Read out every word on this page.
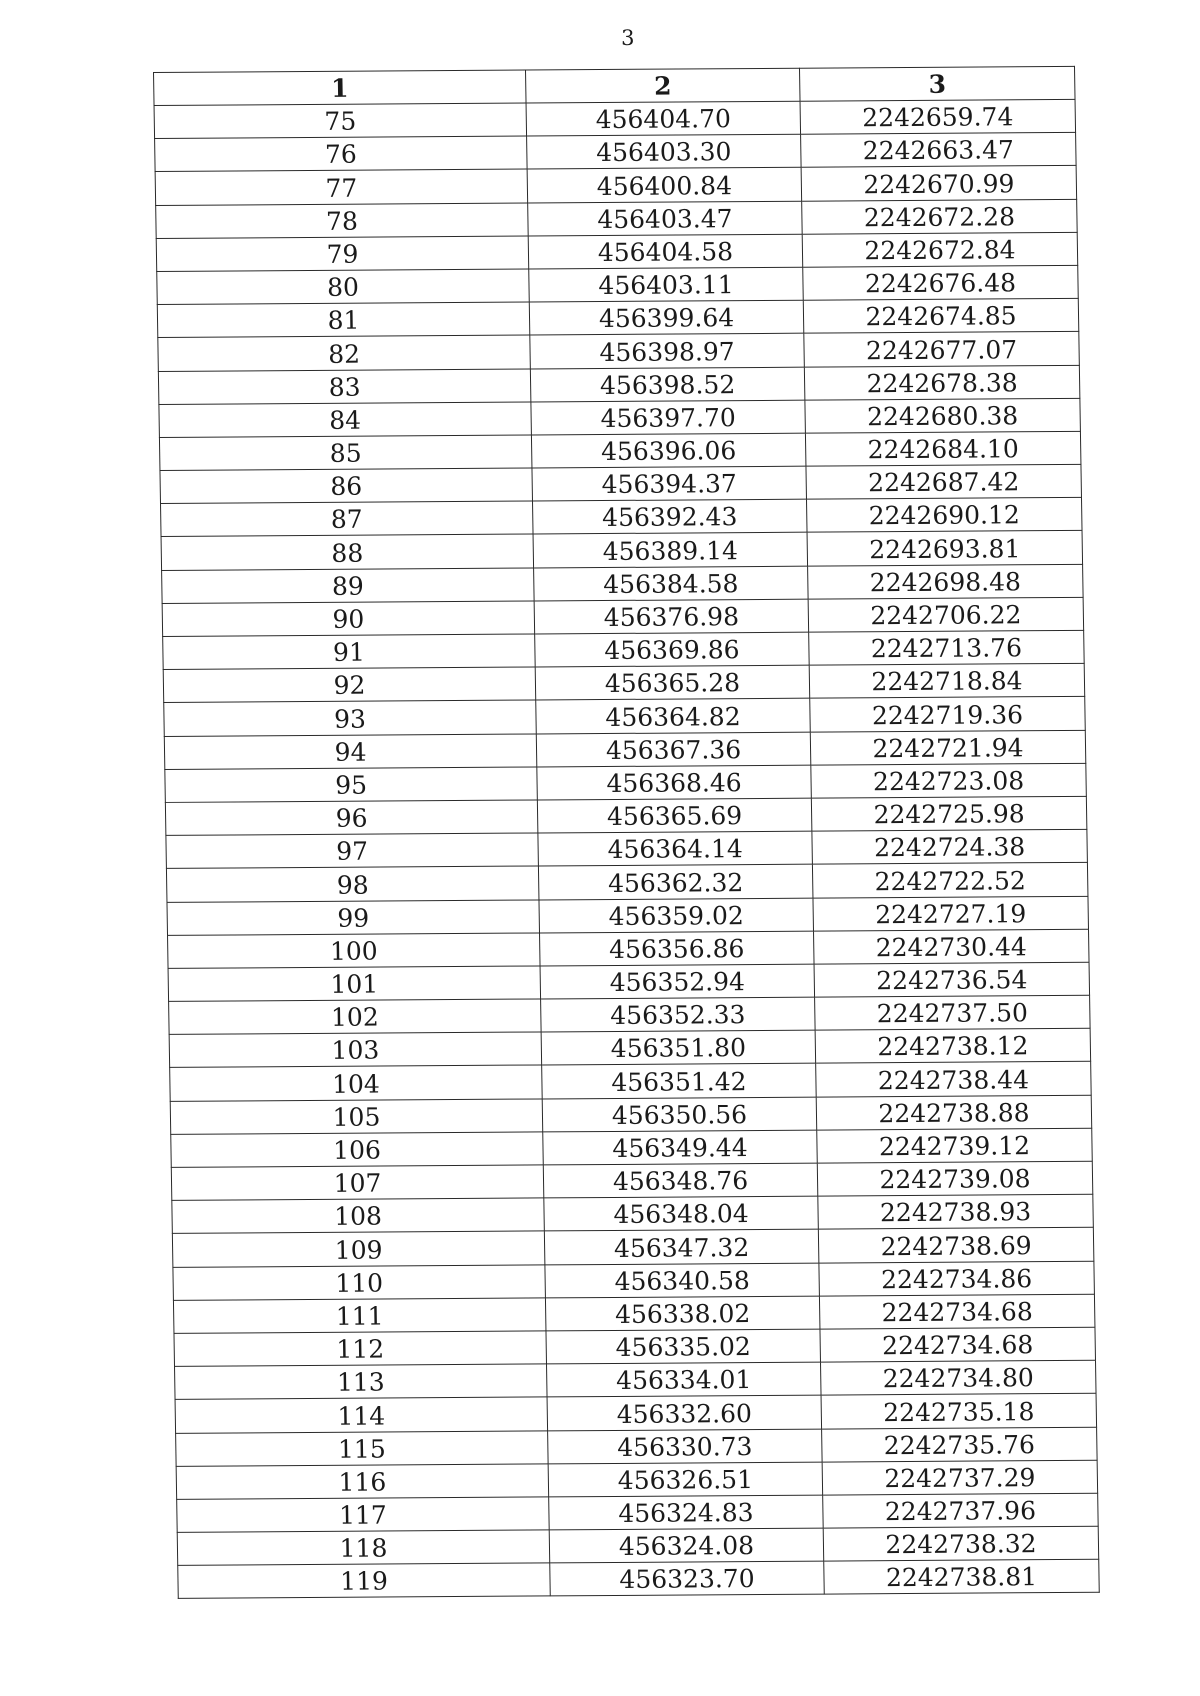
3
1	2	3
75	456404.70	2242659.74
76	456403.30	2242663.47
77	456400.84	2242670.99
78	456403.47	2242672.28
79	456404.58	2242672.84
80	456403.11	2242676.48
81	456399.64	2242674.85
82	456398.97	2242677.07
83	456398.52	2242678.38
84	456397.70	2242680.38
85	456396.06	2242684.10
86	456394.37	2242687.42
87	456392.43	2242690.12
88	456389.14	2242693.81
89	456384.58	2242698.48
90	456376.98	2242706.22
91	456369.86	2242713.76
92	456365.28	2242718.84
93	456364.82	2242719.36
94	456367.36	2242721.94
95	456368.46	2242723.08
96	456365.69	2242725.98
97	456364.14	2242724.38
98	456362.32	2242722.52
99	456359.02	2242727.19
100	456356.86	2242730.44
101	456352.94	2242736.54
102	456352.33	2242737.50
103	456351.80	2242738.12
104	456351.42	2242738.44
105	456350.56	2242738.88
106	456349.44	2242739.12
107	456348.76	2242739.08
108	456348.04	2242738.93
109	456347.32	2242738.69
110	456340.58	2242734.86
111	456338.02	2242734.68
112	456335.02	2242734.68
113	456334.01	2242734.80
114	456332.60	2242735.18
115	456330.73	2242735.76
116	456326.51	2242737.29
117	456324.83	2242737.96
118	456324.08	2242738.32
119	456323.70	2242738.81
